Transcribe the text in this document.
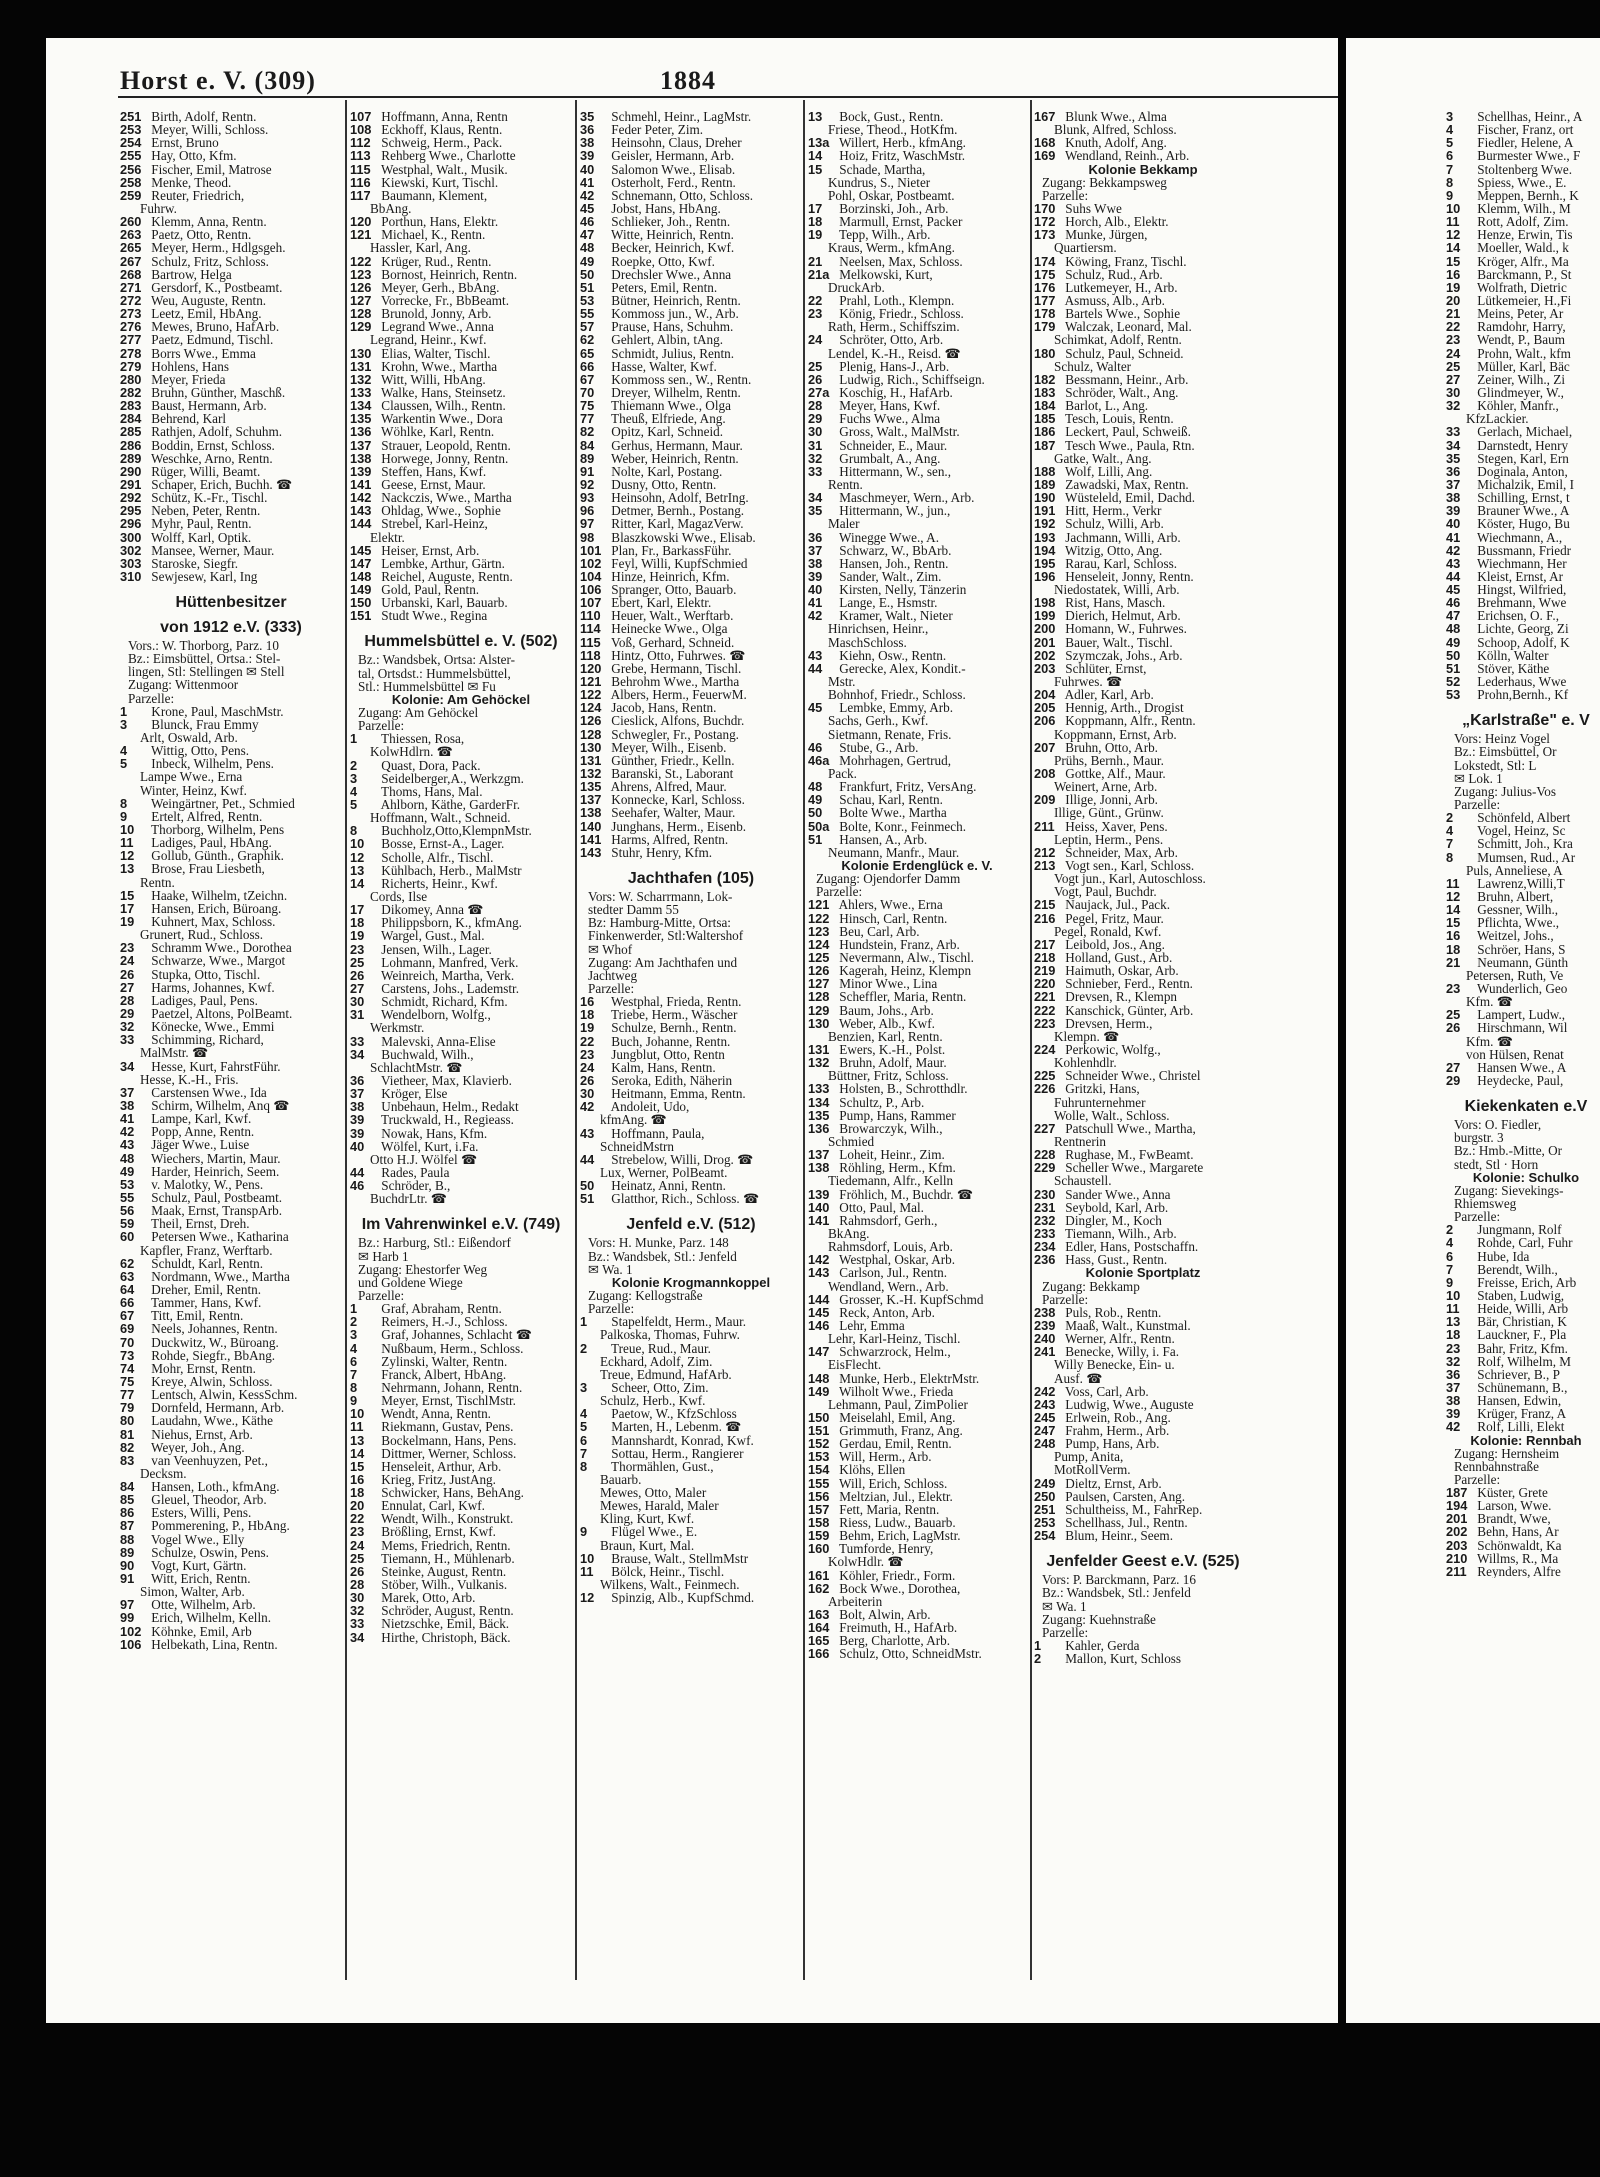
Horst e. V. (309)	1884
251 Birth, Adolf, Rentn.
253 Meyer, Willi, Schloss.
254 Ernst, Bruno
255 Hay, Otto, Kfm.
256 Fischer, Emil, Matrose
258 Menke, Theod.
259 Reuter, Friedrich,
Fuhrw.
260 Klemm, Anna, Rentn.
263 Paetz, Otto, Rentn.
265 Meyer, Herm., Hdlgsgeh.
267 Schulz, Fritz, Schloss.
268 Bartrow, Helga
271 Gersdorf, K., Postbeamt.
272 Weu, Auguste, Rentn.
273 Leetz, Emil, HbAng.
276 Mewes, Bruno, HafArb.
277 Paetz, Edmund, Tischl.
278 Borrs Wwe., Emma
279 Hohlens, Hans
280 Meyer, Frieda
282 Bruhn, Günther, Maschß.
283 Baust, Hermann, Arb.
284 Behrend, Karl
285 Rathjen, Adolf, Schuhm.
286 Boddin, Ernst, Schloss.
289 Weschke, Arno, Rentn.
290 Rüger, Willi, Beamt.
291 Schaper, Erich, Buchh. ☎
292 Schütz, K.-Fr., Tischl.
295 Neben, Peter, Rentn.
296 Myhr, Paul, Rentn.
300 Wolff, Karl, Optik.
302 Mansee, Werner, Maur.
303 Staroske, Siegfr.
310 Sewjesew, Karl, Ing
Hüttenbesitzer
von 1912 e.V. (333)
Vors.: W. Thorborg, Parz. 10
Bz.: Eimsbüttel, Ortsa.: Stel-
lingen, Stl: Stellingen ✉ Stell
Zugang: Wittenmoor
Parzelle:
1 Krone, Paul, MaschMstr.
3 Blunck, Frau Emmy
Arlt, Oswald, Arb.
4 Wittig, Otto, Pens.
5 Inbeck, Wilhelm, Pens.
Lampe Wwe., Erna
Winter, Heinz, Kwf.
8 Weingärtner, Pet., Schmied
9 Ertelt, Alfred, Rentn.
10 Thorborg, Wilhelm, Pens
11 Ladiges, Paul, HbAng.
12 Gollub, Günth., Graphik.
13 Brose, Frau Liesbeth,
Rentn.
15 Haake, Wilhelm, tZeichn.
17 Hansen, Erich, Büroang.
19 Kuhnert, Max, Schloss.
Grunert, Rud., Schloss.
23 Schramm Wwe., Dorothea
24 Schwarze, Wwe., Margot
26 Stupka, Otto, Tischl.
27 Harms, Johannes, Kwf.
28 Ladiges, Paul, Pens.
29 Paetzel, Altons, PolBeamt.
32 Könecke, Wwe., Emmi
33 Schimming, Richard,
MalMstr. ☎
34 Hesse, Kurt, FahrstFühr.
Hesse, K.-H., Fris.
37 Carstensen Wwe., Ida
38 Schirm, Wilhelm, Anq ☎
41 Lampe, Karl, Kwf.
42 Popp, Anne, Rentn.
43 Jäger Wwe., Luise
48 Wiechers, Martin, Maur.
49 Harder, Heinrich, Seem.
53 v. Malotky, W., Pens.
55 Schulz, Paul, Postbeamt.
56 Maak, Ernst, TranspArb.
59 Theil, Ernst, Dreh.
60 Petersen Wwe., Katharina
Kapfler, Franz, Werftarb.
62 Schuldt, Karl, Rentn.
63 Nordmann, Wwe., Martha
64 Dreher, Emil, Rentn.
66 Tammer, Hans, Kwf.
67 Titt, Emil, Rentn.
69 Neels, Johannes, Rentn.
70 Duckwitz, W., Büroang.
73 Rohde, Siegfr., BbAng.
74 Mohr, Ernst, Rentn.
75 Kreye, Alwin, Schloss.
77 Lentsch, Alwin, KessSchm.
79 Dornfeld, Hermann, Arb.
80 Laudahn, Wwe., Käthe
81 Niehus, Ernst, Arb.
82 Weyer, Joh., Ang.
83 van Veenhuyzen, Pet.,
Decksm.
84 Hansen, Loth., kfmAng.
85 Gleuel, Theodor, Arb.
86 Esters, Willi, Pens.
87 Pommerening, P., HbAng.
88 Vogel Wwe., Elly
89 Schulze, Oswin, Pens.
90 Vogt, Kurt, Gärtn.
91 Witt, Erich, Rentn.
Simon, Walter, Arb.
97 Otte, Wilhelm, Arb.
99 Erich, Wilhelm, Kelln.
102 Köhnke, Emil, Arb
106 Helbekath, Lina, Rentn.
107 Hoffmann, Anna, Rentn
108 Eckhoff, Klaus, Rentn.
112 Schweig, Herm., Pack.
113 Rehberg Wwe., Charlotte
115 Westphal, Walt., Musik.
116 Kiewski, Kurt, Tischl.
117 Baumann, Klement,
BbAng.
120 Porthun, Hans, Elektr.
121 Michael, K., Rentn.
Hassler, Karl, Ang.
122 Krüger, Rud., Rentn.
123 Bornost, Heinrich, Rentn.
126 Meyer, Gerh., BbAng.
127 Vorrecke, Fr., BbBeamt.
128 Brunold, Jonny, Arb.
129 Legrand Wwe., Anna
Legrand, Heinr., Kwf.
130 Elias, Walter, Tischl.
131 Krohn, Wwe., Martha
132 Witt, Willi, HbAng.
133 Walke, Hans, Steinsetz.
134 Claussen, Wilh., Rentn.
135 Warkentin Wwe., Dora
136 Wöhlke, Karl, Rentn.
137 Strauer, Leopold, Rentn.
138 Horwege, Jonny, Rentn.
139 Steffen, Hans, Kwf.
141 Geese, Ernst, Maur.
142 Nackczis, Wwe., Martha
143 Ohldag, Wwe., Sophie
144 Strebel, Karl-Heinz,
Elektr.
145 Heiser, Ernst, Arb.
147 Lembke, Arthur, Gärtn.
148 Reichel, Auguste, Rentn.
149 Gold, Paul, Rentn.
150 Urbanski, Karl, Bauarb.
151 Studt Wwe., Regina
Hummelsbüttel e. V. (502)
Bz.: Wandsbek, Ortsa: Alster-
tal, Ortsdst.: Hummelsbüttel,
Stl.: Hummelsbüttel ✉ Fu
Kolonie: Am Gehöckel
Zugang: Am Gehöckel
Parzelle:
1 Thiessen, Rosa,
KolwHdlrn. ☎
2 Quast, Dora, Pack.
3 Seidelberger,A., Werkzgm.
4 Thoms, Hans, Mal.
5 Ahlborn, Käthe, GarderFr.
Hoffmann, Walt., Schneid.
8 Buchholz,Otto,KlempnMstr.
10 Bosse, Ernst-A., Lager.
12 Scholle, Alfr., Tischl.
13 Kühlbach, Herb., MalMstr
14 Richerts, Heinr., Kwf.
Cords, Ilse
17 Dikomey, Anna ☎
18 Philippsborn, K., kfmAng.
19 Wargel, Gust., Mal.
23 Jensen, Wilh., Lager.
25 Lohmann, Manfred, Verk.
26 Weinreich, Martha, Verk.
27 Carstens, Johs., Lademstr.
30 Schmidt, Richard, Kfm.
31 Wendelborn, Wolfg.,
Werkmstr.
33 Malevski, Anna-Elise
34 Buchwald, Wilh.,
SchlachtMstr. ☎
36 Vietheer, Max, Klavierb.
37 Kröger, Else
38 Unbehaun, Helm., Redakt
39 Truckwald, H., Regieass.
39 Nowak, Hans, Kfm.
40 Wölfel, Kurt, i.Fa.
Otto H.J. Wölfel ☎
44 Rades, Paula
46 Schröder, B.,
BuchdrLtr. ☎
Im Vahrenwinkel e.V. (749)
Bz.: Harburg, Stl.: Eißendorf
✉ Harb 1
Zugang: Ehestorfer Weg
und Goldene Wiege
Parzelle:
1 Graf, Abraham, Rentn.
2 Reimers, H.-J., Schloss.
3 Graf, Johannes, Schlacht ☎
4 Nußbaum, Herm., Schloss.
6 Zylinski, Walter, Rentn.
7 Franck, Albert, HbAng.
8 Nehrmann, Johann, Rentn.
9 Meyer, Ernst, TischlMstr.
10 Wendt, Anna, Rentn.
11 Riekmann, Gustav, Pens.
13 Bockelmann, Hans, Pens.
14 Dittmer, Werner, Schloss.
15 Henseleit, Arthur, Arb.
16 Krieg, Fritz, JustAng.
18 Schwicker, Hans, BehAng.
20 Ennulat, Carl, Kwf.
22 Wendt, Wilh., Konstrukt.
23 Brößling, Ernst, Kwf.
24 Mems, Friedrich, Rentn.
25 Tiemann, H., Mühlenarb.
26 Steinke, August, Rentn.
28 Stöber, Wilh., Vulkanis.
30 Marek, Otto, Arb.
32 Schröder, August, Rentn.
33 Nietzschke, Emil, Bäck.
34 Hirthe, Christoph, Bäck.
35 Schmehl, Heinr., LagMstr.
36 Feder Peter, Zim.
38 Heinsohn, Claus, Dreher
39 Geisler, Hermann, Arb.
40 Salomon Wwe., Elisab.
41 Osterholt, Ferd., Rentn.
42 Schnemann, Otto, Schloss.
45 Jobst, Hans, HbAng.
46 Schlieker, Joh., Rentn.
47 Witte, Heinrich, Rentn.
48 Becker, Heinrich, Kwf.
49 Roepke, Otto, Kwf.
50 Drechsler Wwe., Anna
51 Peters, Emil, Rentn.
53 Bütner, Heinrich, Rentn.
55 Kommoss jun., W., Arb.
57 Prause, Hans, Schuhm.
62 Gehlert, Albin, tAng.
65 Schmidt, Julius, Rentn.
66 Hasse, Walter, Kwf.
67 Kommoss sen., W., Rentn.
70 Dreyer, Wilhelm, Rentn.
75 Thiemann Wwe., Olga
77 Theuß, Elfriede, Ang.
82 Opitz, Karl, Schneid.
84 Gerhus, Hermann, Maur.
89 Weber, Heinrich, Rentn.
91 Nolte, Karl, Postang.
92 Dusny, Otto, Rentn.
93 Heinsohn, Adolf, BetrIng.
96 Detmer, Bernh., Postang.
97 Ritter, Karl, MagazVerw.
98 Blaszkowski Wwe., Elisab.
101 Plan, Fr., BarkassFühr.
102 Feyl, Willi, KupfSchmied
104 Hinze, Heinrich, Kfm.
106 Spranger, Otto, Bauarb.
107 Ebert, Karl, Elektr.
110 Heuer, Walt., Werftarb.
114 Heinecke Wwe., Olga
115 Voß, Gerhard, Schneid.
118 Hintz, Otto, Fuhrwes. ☎
120 Grebe, Hermann, Tischl.
121 Behrohm Wwe., Martha
122 Albers, Herm., FeuerwM.
124 Jacob, Hans, Rentn.
126 Cieslick, Alfons, Buchdr.
128 Schwegler, Fr., Postang.
130 Meyer, Wilh., Eisenb.
131 Günther, Friedr., Kelln.
132 Baranski, St., Laborant
135 Ahrens, Alfred, Maur.
137 Konnecke, Karl, Schloss.
138 Seehafer, Walter, Maur.
140 Junghans, Herm., Eisenb.
141 Harms, Alfred, Rentn.
143 Stuhr, Henry, Kfm.
Jachthafen (105)
Vors: W. Scharrmann, Lok-
stedter Damm 55
Bz: Hamburg-Mitte, Ortsa:
Finkenwerder, Stl:Waltershof
✉ Whof
Zugang: Am Jachthafen und
Jachtweg
Parzelle:
16 Westphal, Frieda, Rentn.
18 Triebe, Herm., Wäscher
19 Schulze, Bernh., Rentn.
22 Buch, Johanne, Rentn.
23 Jungblut, Otto, Rentn
24 Kalm, Hans, Rentn.
26 Seroka, Edith, Näherin
30 Heitmann, Emma, Rentn.
42 Andoleit, Udo,
kfmAng. ☎
43 Hoffmann, Paula,
SchneidMstrn
44 Strebelow, Willi, Drog. ☎
Lux, Werner, PolBeamt.
50 Heinatz, Anni, Rentn.
51 Glatthor, Rich., Schloss. ☎
Jenfeld e.V. (512)
Vors: H. Munke, Parz. 148
Bz.: Wandsbek, Stl.: Jenfeld
✉ Wa. 1
Kolonie Krogmannkoppel
Zugang: Kellogstraße
Parzelle:
1 Stapelfeldt, Herm., Maur.
Palkoska, Thomas, Fuhrw.
2 Treue, Rud., Maur.
Eckhard, Adolf, Zim.
Treue, Edmund, HafArb.
3 Scheer, Otto, Zim.
Schulz, Herb., Kwf.
4 Paetow, W., KfzSchloss
5 Marten, H., Lebenm. ☎
6 Mannshardt, Konrad, Kwf.
7 Sottau, Herm., Rangierer
8 Thormählen, Gust.,
Bauarb.
Mewes, Otto, Maler
Mewes, Harald, Maler
Kling, Kurt, Kwf.
9 Flügel Wwe., E.
Braun, Kurt, Mal.
10 Brause, Walt., StellmMstr
11 Bölck, Heinr., Tischl.
Wilkens, Walt., Feinmech.
12 Spinzig, Alb., KupfSchmd.
13 Bock, Gust., Rentn.
Friese, Theod., HotKfm.
13a Willert, Herb., kfmAng.
14 Hoiz, Fritz, WaschMstr.
15 Schade, Martha,
Kundrus, S., Nieter
Pohl, Oskar, Postbeamt.
17 Borzinski, Joh., Arb.
18 Marmull, Ernst, Packer
19 Tepp, Wilh., Arb.
Kraus, Werm., kfmAng.
21 Neelsen, Max, Schloss.
21a Melkowski, Kurt,
DruckArb.
22 Prahl, Loth., Klempn.
23 König, Friedr., Schloss.
Rath, Herm., Schiffszim.
24 Schröter, Otto, Arb.
Lendel, K.-H., Reisd. ☎
25 Plenig, Hans-J., Arb.
26 Ludwig, Rich., Schiffseign.
27a Koschig, H., HafArb.
28 Meyer, Hans, Kwf.
29 Fuchs Wwe., Alma
30 Gross, Walt., MalMstr.
31 Schneider, E., Maur.
32 Grumbalt, A., Ang.
33 Hittermann, W., sen.,
Rentn.
34 Maschmeyer, Wern., Arb.
35 Hittermann, W., jun.,
Maler
36 Winegge Wwe., A.
37 Schwarz, W., BbArb.
38 Hansen, Joh., Rentn.
39 Sander, Walt., Zim.
40 Kirsten, Nelly, Tänzerin
41 Lange, E., Hsmstr.
42 Kramer, Walt., Nieter
Hinrichsen, Heinr.,
MaschSchloss.
43 Kiehn, Osw., Rentn.
44 Gerecke, Alex, Kondit.-
Mstr.
Bohnhof, Friedr., Schloss.
45 Lembke, Emmy, Arb.
Sachs, Gerh., Kwf.
Sietmann, Renate, Fris.
46 Stube, G., Arb.
46a Mohrhagen, Gertrud,
Pack.
48 Frankfurt, Fritz, VersAng.
49 Schau, Karl, Rentn.
50 Bolte Wwe., Martha
50a Bolte, Konr., Feinmech.
51 Hansen, A., Arb.
Neumann, Manfr., Maur.
Kolonie Erdenglück e. V.
Zugang: Ojendorfer Damm
Parzelle:
121 Ahlers, Wwe., Erna
122 Hinsch, Carl, Rentn.
123 Beu, Carl, Arb.
124 Hundstein, Franz, Arb.
125 Nevermann, Alw., Tischl.
126 Kagerah, Heinz, Klempn
127 Minor Wwe., Lina
128 Scheffler, Maria, Rentn.
129 Baum, Johs., Arb.
130 Weber, Alb., Kwf.
Benzien, Karl, Rentn.
131 Ewers, K.-H., Polst.
132 Bruhn, Adolf, Maur.
Büttner, Fritz, Schloss.
133 Holsten, B., Schrotthdlr.
134 Schultz, P., Arb.
135 Pump, Hans, Rammer
136 Browarczyk, Wilh.,
Schmied
137 Loheit, Heinr., Zim.
138 Röhling, Herm., Kfm.
Tiedemann, Alfr., Kelln
139 Fröhlich, M., Buchdr. ☎
140 Otto, Paul, Mal.
141 Rahmsdorf, Gerh.,
BkAng.
Rahmsdorf, Louis, Arb.
142 Westphal, Oskar, Arb.
143 Carlson, Jul., Rentn.
Wendland, Wern., Arb.
144 Grosser, K.-H. KupfSchmd
145 Reck, Anton, Arb.
146 Lehr, Emma
Lehr, Karl-Heinz, Tischl.
147 Schwarzrock, Helm.,
EisFlecht.
148 Munke, Herb., ElektrMstr.
149 Wilholt Wwe., Frieda
Lehmann, Paul, ZimPolier
150 Meiselahl, Emil, Ang.
151 Grimmuth, Franz, Ang.
152 Gerdau, Emil, Rentn.
153 Will, Herm., Arb.
154 Klöhs, Ellen
155 Will, Erich, Schloss.
156 Meltzian, Jul., Elektr.
157 Fett, Maria, Rentn.
158 Riess, Ludw., Bauarb.
159 Behm, Erich, LagMstr.
160 Tumforde, Henry,
KolwHdlr. ☎
161 Köhler, Friedr., Form.
162 Bock Wwe., Dorothea,
Arbeiterin
163 Bolt, Alwin, Arb.
164 Freimuth, H., HafArb.
165 Berg, Charlotte, Arb.
166 Schulz, Otto, SchneidMstr.
167 Blunk Wwe., Alma
Blunk, Alfred, Schloss.
168 Knuth, Adolf, Ang.
169 Wendland, Reinh., Arb.
Kolonie Bekkamp
Zugang: Bekkampsweg
Parzelle:
170 Suhs Wwe
172 Horch, Alb., Elektr.
173 Munke, Jürgen,
Quartiersm.
174 Köwing, Franz, Tischl.
175 Schulz, Rud., Arb.
176 Lutkemeyer, H., Arb.
177 Asmuss, Alb., Arb.
178 Bartels Wwe., Sophie
179 Walczak, Leonard, Mal.
Schimkat, Adolf, Rentn.
180 Schulz, Paul, Schneid.
Schulz, Walter
182 Bessmann, Heinr., Arb.
183 Schröder, Walt., Ang.
184 Barlot, L., Ang.
185 Tesch, Louis, Rentn.
186 Leckert, Paul, Schweiß.
187 Tesch Wwe., Paula, Rtn.
Gatke, Walt., Ang.
188 Wolf, Lilli, Ang.
189 Zawadski, Max, Rentn.
190 Wüsteleld, Emil, Dachd.
191 Hitt, Herm., Verkr
192 Schulz, Willi, Arb.
193 Jachmann, Willi, Arb.
194 Witzig, Otto, Ang.
195 Rarau, Karl, Schloss.
196 Henseleit, Jonny, Rentn.
Niedostatek, Willi, Arb.
198 Rist, Hans, Masch.
199 Dierich, Helmut, Arb.
200 Homann, W., Fuhrwes.
201 Bauer, Walt., Tischl.
202 Szymczak, Johs., Arb.
203 Schlüter, Ernst,
Fuhrwes. ☎
204 Adler, Karl, Arb.
205 Hennig, Arth., Drogist
206 Koppmann, Alfr., Rentn.
Koppmann, Ernst, Arb.
207 Bruhn, Otto, Arb.
Prühs, Bernh., Maur.
208 Gottke, Alf., Maur.
Weinert, Arne, Arb.
209 Illige, Jonni, Arb.
Illige, Günt., Grünw.
211 Heiss, Xaver, Pens.
Leptin, Herm., Pens.
212 Schneider, Max, Arb.
213 Vogt sen., Karl, Schloss.
Vogt jun., Karl, Autoschloss.
Vogt, Paul, Buchdr.
215 Naujack, Jul., Pack.
216 Pegel, Fritz, Maur.
Pegel, Ronald, Kwf.
217 Leibold, Jos., Ang.
218 Holland, Gust., Arb.
219 Haimuth, Oskar, Arb.
220 Schnieber, Ferd., Rentn.
221 Drevsen, R., Klempn
222 Kanschick, Günter, Arb.
223 Drevsen, Herm.,
Klempn. ☎
224 Perkowic, Wolfg.,
Kohlenhdlr.
225 Schneider Wwe., Christel
226 Gritzki, Hans,
Fuhrunternehmer
Wolle, Walt., Schloss.
227 Patschull Wwe., Martha,
Rentnerin
228 Rughase, M., FwBeamt.
229 Scheller Wwe., Margarete
Schaustell.
230 Sander Wwe., Anna
231 Seybold, Karl, Arb.
232 Dingler, M., Koch
233 Tiemann, Wilh., Arb.
234 Edler, Hans, Postschaffn.
236 Hass, Gust., Rentn.
Kolonie Sportplatz
Zugang: Bekkamp
Parzelle:
238 Puls, Rob., Rentn.
239 Maaß, Walt., Kunstmal.
240 Werner, Alfr., Rentn.
241 Benecke, Willy, i. Fa.
Willy Benecke, Ein- u.
Ausf. ☎
242 Voss, Carl, Arb.
243 Ludwig, Wwe., Auguste
245 Erlwein, Rob., Ang.
247 Frahm, Herm., Arb.
248 Pump, Hans, Arb.
Pump, Anita,
MotRollVerm.
249 Dieltz, Ernst, Arb.
250 Paulsen, Carsten, Ang.
251 Schultheiss, M., FahrRep.
253 Schellhass, Jul., Rentn.
254 Blum, Heinr., Seem.
Jenfelder Geest e.V. (525)
Vors: P. Barckmann, Parz. 16
Bz.: Wandsbek, Stl.: Jenfeld
✉ Wa. 1
Zugang: Kuehnstraße
Parzelle:
1 Kahler, Gerda
2 Mallon, Kurt, Schloss
3 Schellhas, Heinr., A
4 Fischer, Franz, ort
5 Fiedler, Helene, A
6 Burmester Wwe., F
7 Stoltenberg Wwe.
8 Spiess, Wwe., E.
9 Meppen, Bernh., K
10 Klemm, Wilh., M
11 Rott, Adolf, Zim.
12 Henze, Erwin, Tis
14 Moeller, Wald., k
15 Kröger, Alfr., Ma
16 Barckmann, P., St
19 Wolfrath, Dietric
20 Lütkemeier, H.,Fi
21 Meins, Peter, Ar
22 Ramdohr, Harry,
23 Wendt, P., Baum
24 Prohn, Walt., kfm
25 Müller, Karl, Bäc
27 Zeiner, Wilh., Zi
30 Glindmeyer, W.,
32 Köhler, Manfr.,
KfzLackier.
33 Gerlach, Michael,
34 Darnstedt, Henry
35 Stegen, Karl, Ern
36 Doginala, Anton,
37 Michalzik, Emil, I
38 Schilling, Ernst, t
39 Brauner Wwe., A
40 Köster, Hugo, Bu
41 Wiechmann, A.,
42 Bussmann, Friedr
43 Wiechmann, Her
44 Kleist, Ernst, Ar
45 Hingst, Wilfried,
46 Brehmann, Wwe
47 Erichsen, O. F.,
48 Lichte, Georg, Zi
49 Schoop, Adolf, K
50 Kölln, Walter
51 Stöver, Käthe
52 Lederhaus, Wwe
53 Prohn,Bernh., Kf
„Karlstraße" e. V
Vors: Heinz Vogel
Bz.: Eimsbüttel, Or
Lokstedt, Stl: L
✉ Lok. 1
Zugang: Julius-Vos
Parzelle:
2 Schönfeld, Albert
4 Vogel, Heinz, Sc
7 Schmitt, Joh., Kra
8 Mumsen, Rud., Ar
Puls, Anneliese, A
11 Lawrenz,Willi,T
12 Bruhn, Albert,
14 Gessner, Wilh.,
15 Pflichta, Wwe.,
16 Weitzel, Johs.,
18 Schröer, Hans, S
21 Neumann, Günth
Petersen, Ruth, Ve
23 Wunderlich, Geo
Kfm. ☎
25 Lampert, Ludw.,
26 Hirschmann, Wil
Kfm. ☎
von Hülsen, Renat
27 Hansen Wwe., A
29 Heydecke, Paul,
Kiekenkaten e.V
Vors: O. Fiedler,
burgstr. 3
Bz.: Hmb.-Mitte, Or
stedt, Stl · Horn
Kolonie: Schulko
Zugang: Sievekings-
Rhiemsweg
Parzelle:
2 Jungmann, Rolf
4 Rohde, Carl, Fuhr
6 Hube, Ida
7 Berendt, Wilh.,
9 Freisse, Erich, Arb
10 Staben, Ludwig,
11 Heide, Willi, Arb
13 Bär, Christian, K
18 Lauckner, F., Pla
23 Bahr, Fritz, Kfm.
32 Rolf, Wilhelm, M
36 Schriever, B., P
37 Schünemann, B.,
38 Hansen, Edwin,
39 Krüger, Franz, A
42 Rolf, Lilli, Elekt
Kolonie: Rennbah
Zugang: Hernsheim
Rennbahnstraße
Parzelle:
187 Küster, Grete
194 Larson, Wwe.
201 Brandt, Wwe,
202 Behn, Hans, Ar
203 Schönwaldt, Ka
210 Willms, R., Ma
211 Reynders, Alfre
